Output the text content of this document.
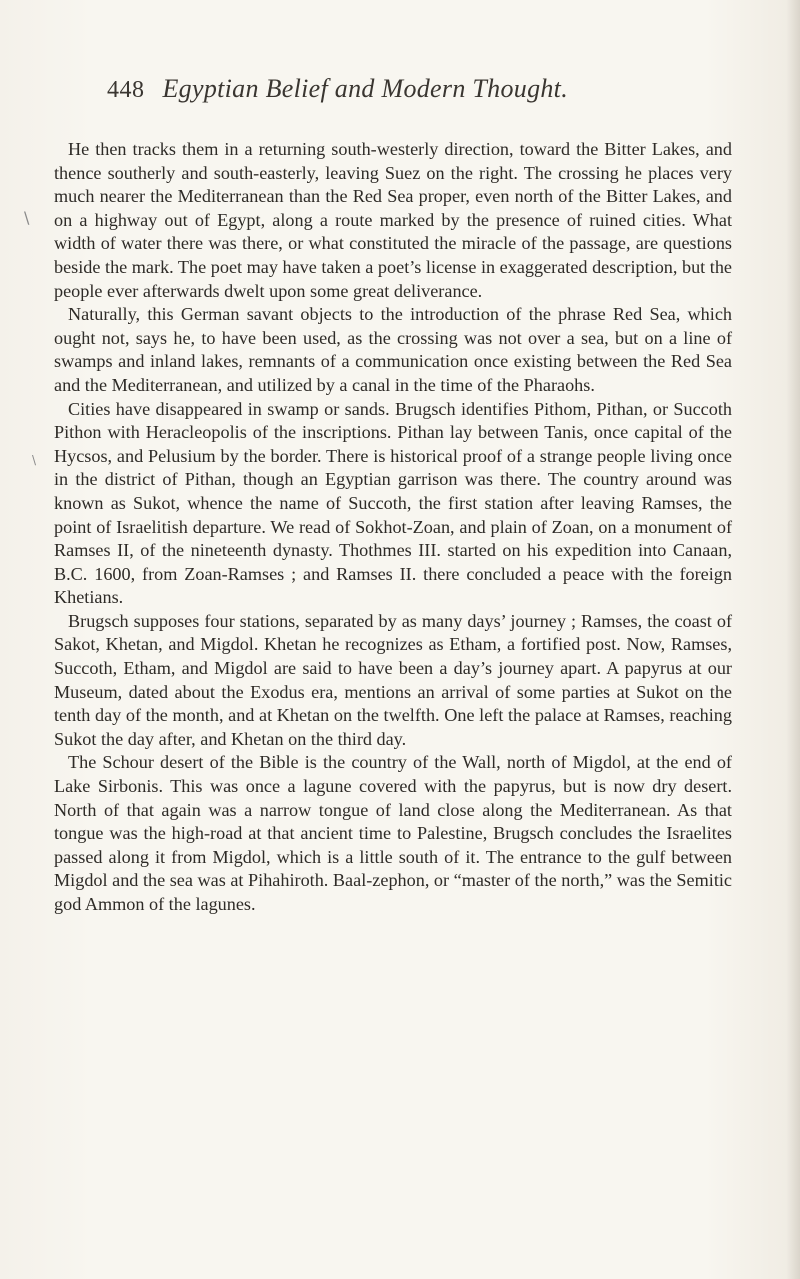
448 Egyptian Belief and Modern Thought.
\
\

He then tracks them in a returning south-westerly direction, toward the Bitter Lakes, and thence southerly and south-easterly, leaving Suez on the right. The crossing he places very much nearer the Mediterranean than the Red Sea proper, even north of the Bitter Lakes, and on a highway out of Egypt, along a route marked by the presence of ruined cities. What width of water there was there, or what constituted the miracle of the passage, are questions beside the mark. The poet may have taken a poet’s license in exaggerated description, but the people ever afterwards dwelt upon some great deliverance.

Naturally, this German savant objects to the introduction of the phrase Red Sea, which ought not, says he, to have been used, as the crossing was not over a sea, but on a line of swamps and inland lakes, remnants of a communication once existing between the Red Sea and the Mediterranean, and utilized by a canal in the time of the Pharaohs.

Cities have disappeared in swamp or sands. Brugsch identifies Pithom, Pithan, or Succoth Pithon with Heracleopolis of the inscriptions. Pithan lay between Tanis, once capital of the Hycsos, and Pelusium by the border. There is historical proof of a strange people living once in the district of Pithan, though an Egyptian garrison was there. The country around was known as Sukot, whence the name of Succoth, the first station after leaving Ramses, the point of Israelitish departure. We read of Sokhot-Zoan, and plain of Zoan, on a monument of Ramses II, of the nineteenth dynasty. Thothmes III. started on his expedition into Canaan, B.C. 1600, from Zoan-Ramses ; and Ramses II. there concluded a peace with the foreign Khetians.

Brugsch supposes four stations, separated by as many days’ journey ; Ramses, the coast of Sakot, Khetan, and Migdol. Khetan he recognizes as Etham, a fortified post. Now, Ramses, Succoth, Etham, and Migdol are said to have been a day’s journey apart. A papyrus at our Museum, dated about the Exodus era, mentions an arrival of some parties at Sukot on the tenth day of the month, and at Khetan on the twelfth. One left the palace at Ramses, reaching Sukot the day after, and Khetan on the third day.

The Schour desert of the Bible is the country of the Wall, north of Migdol, at the end of Lake Sirbonis. This was once a lagune covered with the papyrus, but is now dry desert. North of that again was a narrow tongue of land close along the Mediterranean. As that tongue was the high-road at that ancient time to Palestine, Brugsch concludes the Israelites passed along it from Migdol, which is a little south of it. The entrance to the gulf between Migdol and the sea was at Pihahiroth. Baal-zephon, or “master of the north,” was the Semitic god Ammon of the lagunes.
